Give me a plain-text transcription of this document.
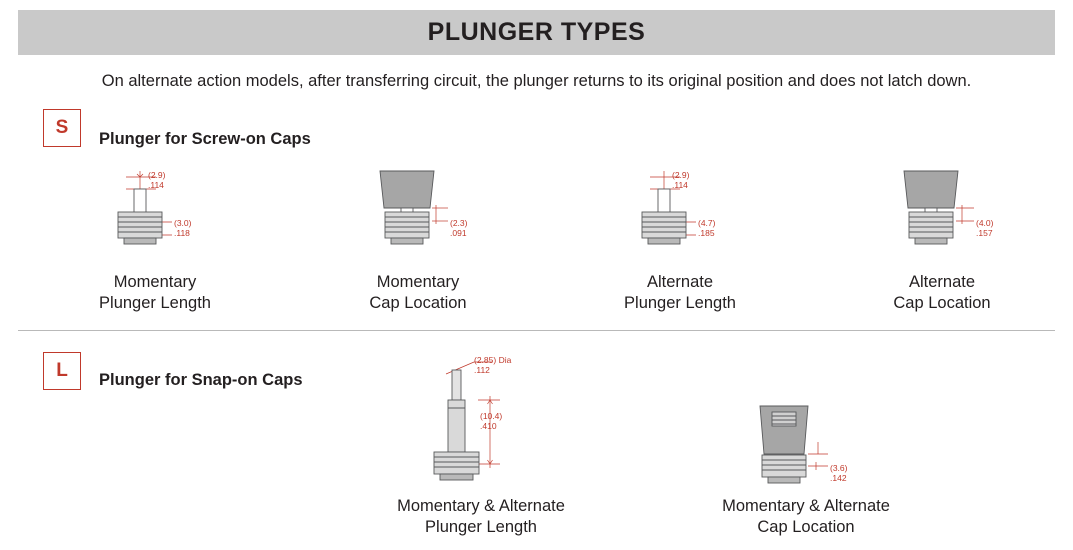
PLUNGER TYPES
On alternate action models, after transferring circuit, the plunger returns to its original position and does not latch down.
S
Plunger for Screw-on Caps
(2.9)
.114
(3.0)
.118
Momentary
Plunger Length
(2.3)
.091
Momentary
Cap Location
(2.9)
.114
(4.7)
.185
Alternate
Plunger Length
(4.0)
.157
Alternate
Cap Location
L Plunger for Snap-on Caps
(2.85) Dia
.112
(10.4)
.410
Momentary & Alternate
Plunger Length
(3.6)
.142
Momentary & Alternate
Cap Location
